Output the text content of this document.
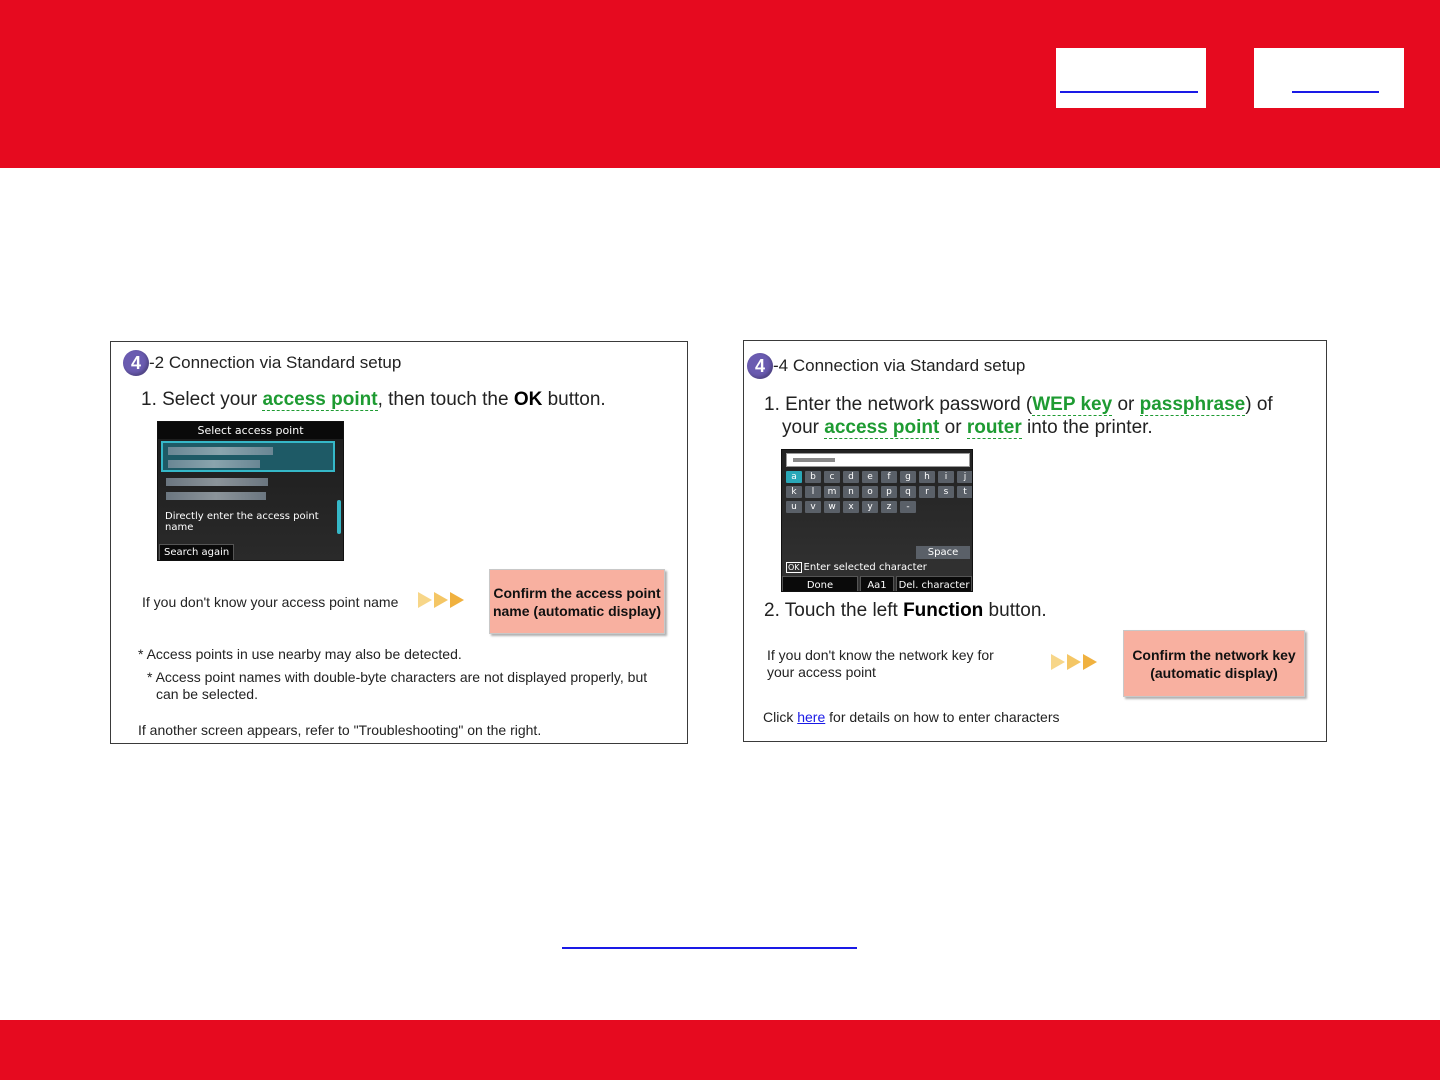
4 -2 Connection via Standard setup
1. Select your access point, then touch the OK button.
Select access point
Directly enter the access point name
Search again
If you don't know your access point name
Confirm the access point name (automatic display)
* Access points in use nearby may also be detected.
* Access point names with double-byte characters are not displayed properly, but can be selected.
If another screen appears, refer to "Troubleshooting" on the right.
4 -4 Connection via Standard setup
1. Enter the network password (WEP key or passphrase) of
your access point or router into the printer.
a	b	c	d	e	f	g	h	i	j
k	l	m	n	o	p	q	r	s	t
u	v	w	x	y	z	-
Space
OK Enter selected character
Done	Aa1	Del. character
2. Touch the left Function button.
If you don't know the network key for your access point
Confirm the network key (automatic display)
Click here for details on how to enter characters
